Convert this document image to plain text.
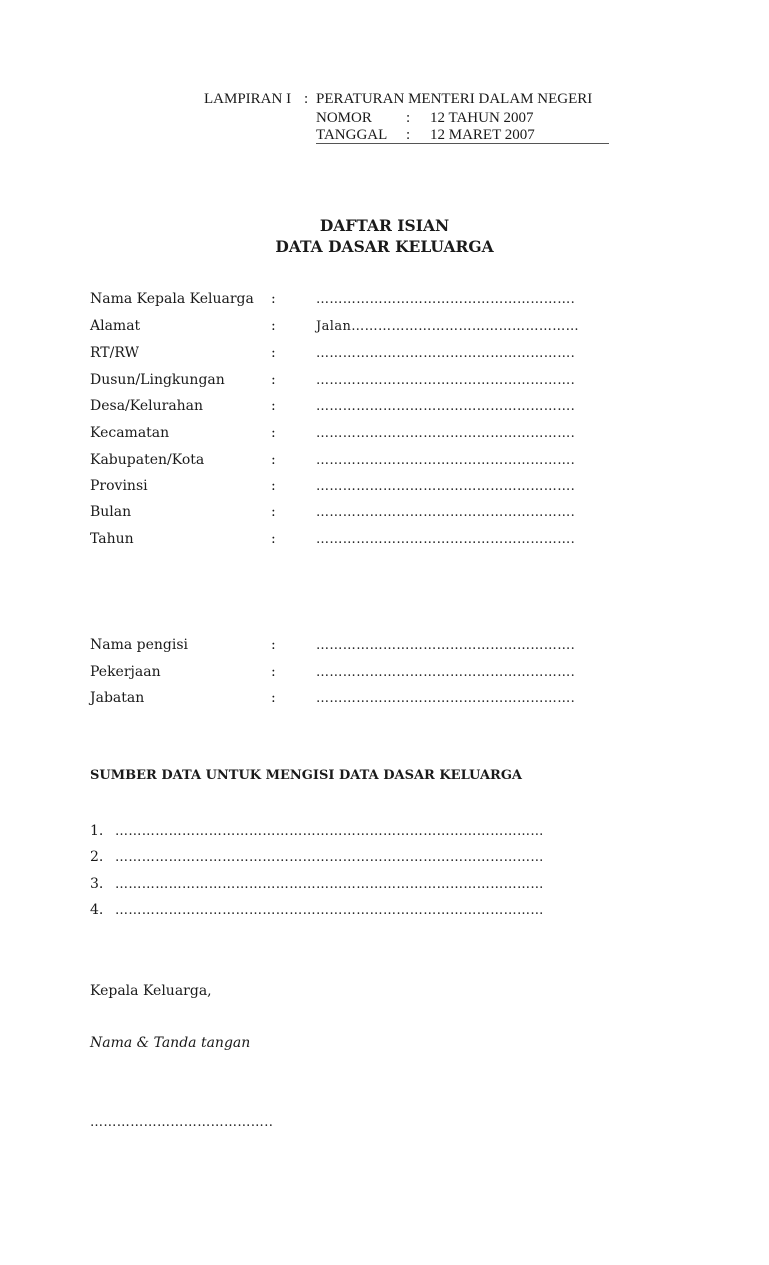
LAMPIRAN I : PERATURAN MENTERI DALAM NEGERI
NOMOR : 12 TAHUN 2007
TANGGAL : 12 MARET 2007
DAFTAR ISIAN
DATA DASAR KELUARGA
Nama Kepala Keluarga :	………………………………………………….
Alamat	:	Jalan……………………………………………
RT/RW	:	………………………………………………….
Dusun/Lingkungan	:	………………………………………………….
Desa/Kelurahan	:	………………………………………………….
Kecamatan	:	………………………………………………….
Kabupaten/Kota	:	………………………………………………….
Provinsi	:	………………………………………………….
Bulan	:	………………………………………………….
Tahun	:	………………………………………………….
Nama pengisi	:	………………………………………………….
Pekerjaan	:	………………………………………………….
Jabatan	:	………………………………………………….
SUMBER DATA UNTUK MENGISI DATA DASAR KELUARGA
1. ……………………………………………………………………………………
2. ……………………………………………………………………………………
3. ……………………………………………………………………………………
4. ……………………………………………………………………………………
Kepala Keluarga,
Nama & Tanda tangan
…………………………………..
